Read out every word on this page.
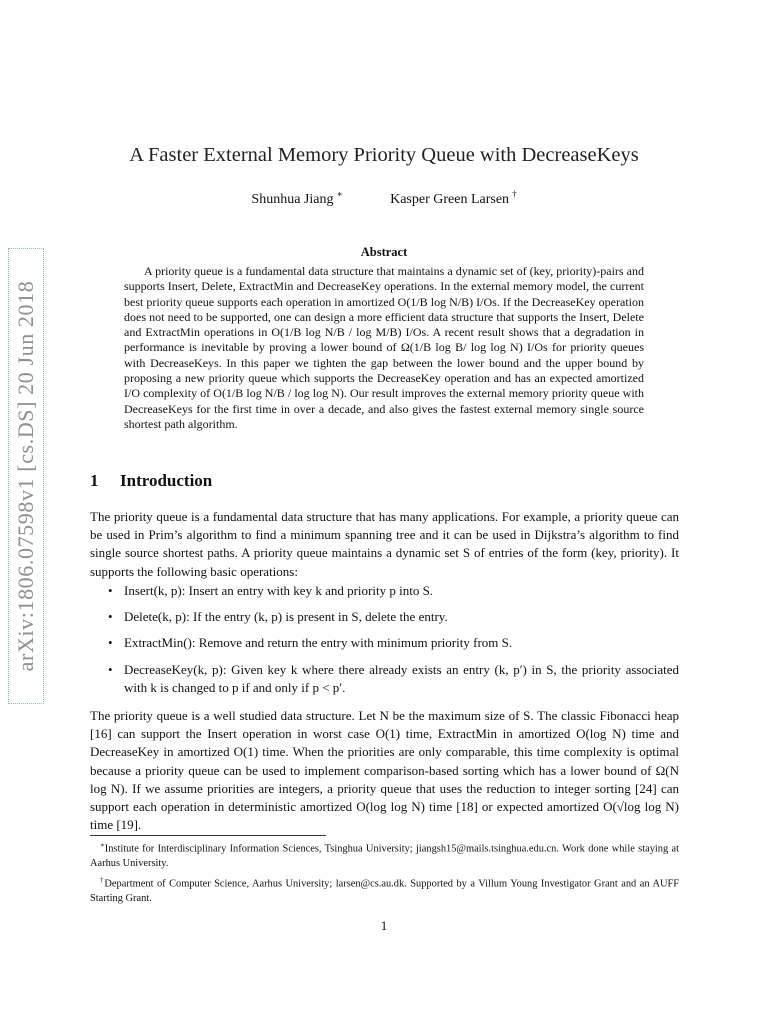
arXiv:1806.07598v1 [cs.DS] 20 Jun 2018
A Faster External Memory Priority Queue with DecreaseKeys
Shunhua Jiang ∗	Kasper Green Larsen †
Abstract
A priority queue is a fundamental data structure that maintains a dynamic set of (key, priority)-pairs and supports Insert, Delete, ExtractMin and DecreaseKey operations. In the external memory model, the current best priority queue supports each operation in amortized O(1/B log N/B) I/Os. If the DecreaseKey operation does not need to be supported, one can design a more efficient data structure that supports the Insert, Delete and ExtractMin operations in O(1/B log N/B / log M/B) I/Os. A recent result shows that a degradation in performance is inevitable by proving a lower bound of Ω(1/B log B/ log log N) I/Os for priority queues with DecreaseKeys. In this paper we tighten the gap between the lower bound and the upper bound by proposing a new priority queue which supports the DecreaseKey operation and has an expected amortized I/O complexity of O(1/B log N/B / log log N). Our result improves the external memory priority queue with DecreaseKeys for the first time in over a decade, and also gives the fastest external memory single source shortest path algorithm.
1 Introduction
The priority queue is a fundamental data structure that has many applications. For example, a priority queue can be used in Prim’s algorithm to find a minimum spanning tree and it can be used in Dijkstra’s algorithm to find single source shortest paths. A priority queue maintains a dynamic set S of entries of the form (key, priority). It supports the following basic operations:
• Insert(k, p): Insert an entry with key k and priority p into S.
• Delete(k, p): If the entry (k, p) is present in S, delete the entry.
• ExtractMin(): Remove and return the entry with minimum priority from S.
• DecreaseKey(k, p): Given key k where there already exists an entry (k, p′) in S, the priority associated with k is changed to p if and only if p < p′.
The priority queue is a well studied data structure. Let N be the maximum size of S. The classic Fibonacci heap [16] can support the Insert operation in worst case O(1) time, ExtractMin in amortized O(log N) time and DecreaseKey in amortized O(1) time. When the priorities are only comparable, this time complexity is optimal because a priority queue can be used to implement comparison-based sorting which has a lower bound of Ω(N log N). If we assume priorities are integers, a priority queue that uses the reduction to integer sorting [24] can support each operation in deterministic amortized O(log log N) time [18] or expected amortized O(√log log N) time [19].
∗Institute for Interdisciplinary Information Sciences, Tsinghua University; jiangsh15@mails.tsinghua.edu.cn. Work done while staying at Aarhus University.
†Department of Computer Science, Aarhus University; larsen@cs.au.dk. Supported by a Villum Young Investigator Grant and an AUFF Starting Grant.
1
